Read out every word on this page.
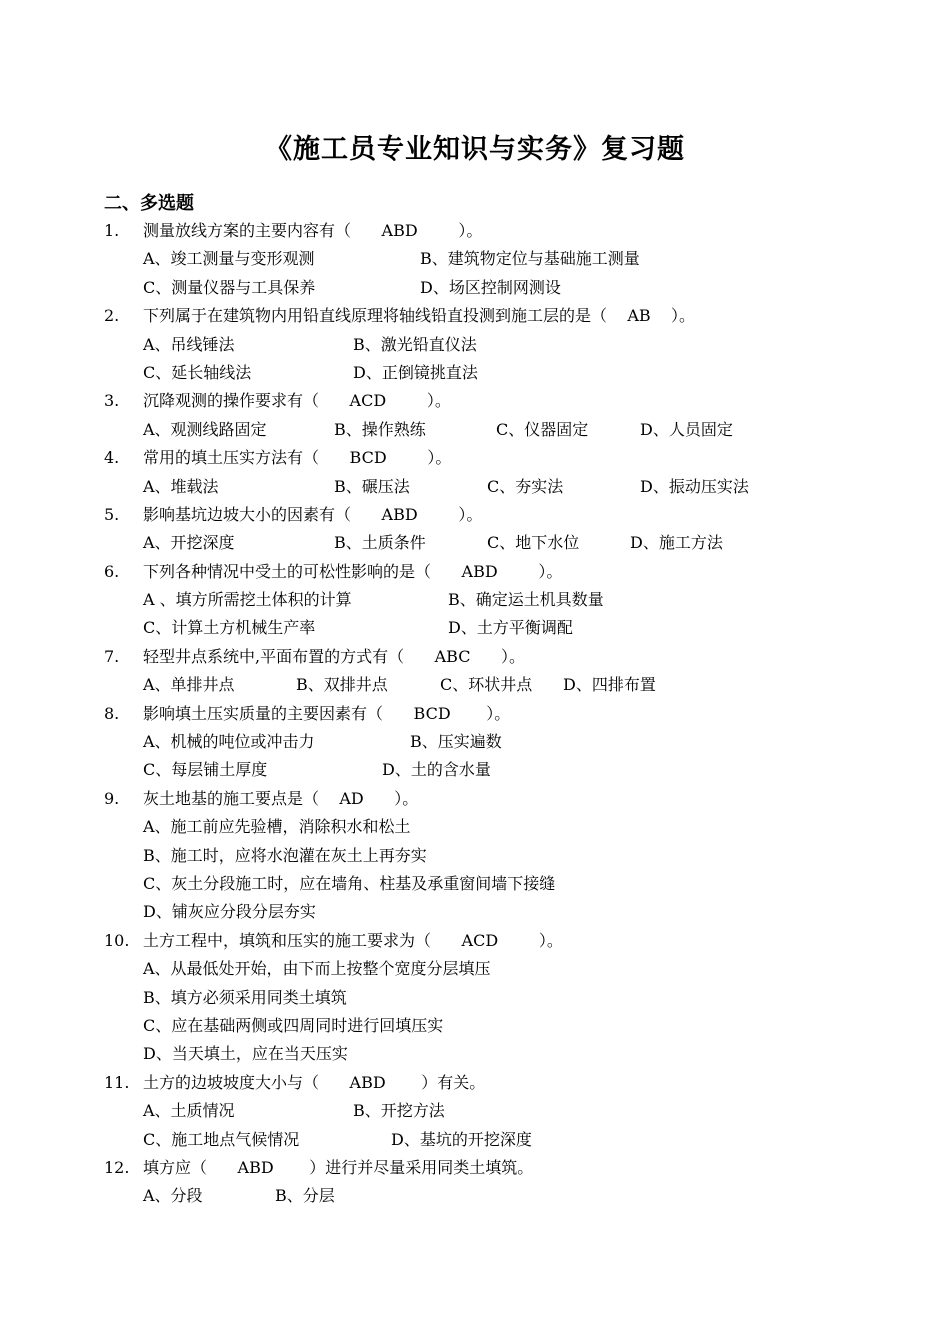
《施工员专业知识与实务》复习题
二、多选题
1. 测量放线方案的主要内容有（      ABD        ）。
A、竣工测量与变形观测	B、建筑物定位与基础施工测量
C、测量仪器与工具保养	D、场区控制网测设
2. 下列属于在建筑物内用铅直线原理将轴线铅直投测到施工层的是（    AB    ）。
A、吊线锤法	B、激光铅直仪法
C、延长轴线法	D、正倒镜挑直法
3. 沉降观测的操作要求有（      ACD        ）。
A、观测线路固定	B、操作熟练	C、仪器固定	D、人员固定
4. 常用的填土压实方法有（      BCD        ）。
A、堆载法	B、碾压法	C、夯实法	D、振动压实法
5. 影响基坑边坡大小的因素有（      ABD        ）。
A、开挖深度	B、土质条件	C、地下水位	D、施工方法
6. 下列各种情况中受土的可松性影响的是（      ABD        ）。
A 、填方所需挖土体积的计算	B、确定运土机具数量
C、计算土方机械生产率	D、土方平衡调配
7. 轻型井点系统中,平面布置的方式有（      ABC      ）。
A、单排井点	B、双排井点	C、环状井点 D、四排布置
8. 影响填土压实质量的主要因素有（      BCD       ）。
A、机械的吨位或冲击力	B、压实遍数
C、每层铺土厚度	D、土的含水量
9. 灰土地基的施工要点是（    AD      ）。
A、施工前应先验槽，消除积水和松土
B、施工时，应将水泡灌在灰土上再夯实
C、灰土分段施工时，应在墙角、柱基及承重窗间墙下接缝
D、铺灰应分段分层夯实
10. 土方工程中，填筑和压实的施工要求为（      ACD        ）。
A、从最低处开始，由下而上按整个宽度分层填压
B、填方必须采用同类土填筑
C、应在基础两侧或四周同时进行回填压实
D、当天填土，应在当天压实
11. 土方的边坡坡度大小与（      ABD       ）有关。
A、土质情况	B、开挖方法
C、施工地点气候情况	D、基坑的开挖深度
12. 填方应（      ABD       ）进行并尽量采用同类土填筑。
A、分段	B、分层
